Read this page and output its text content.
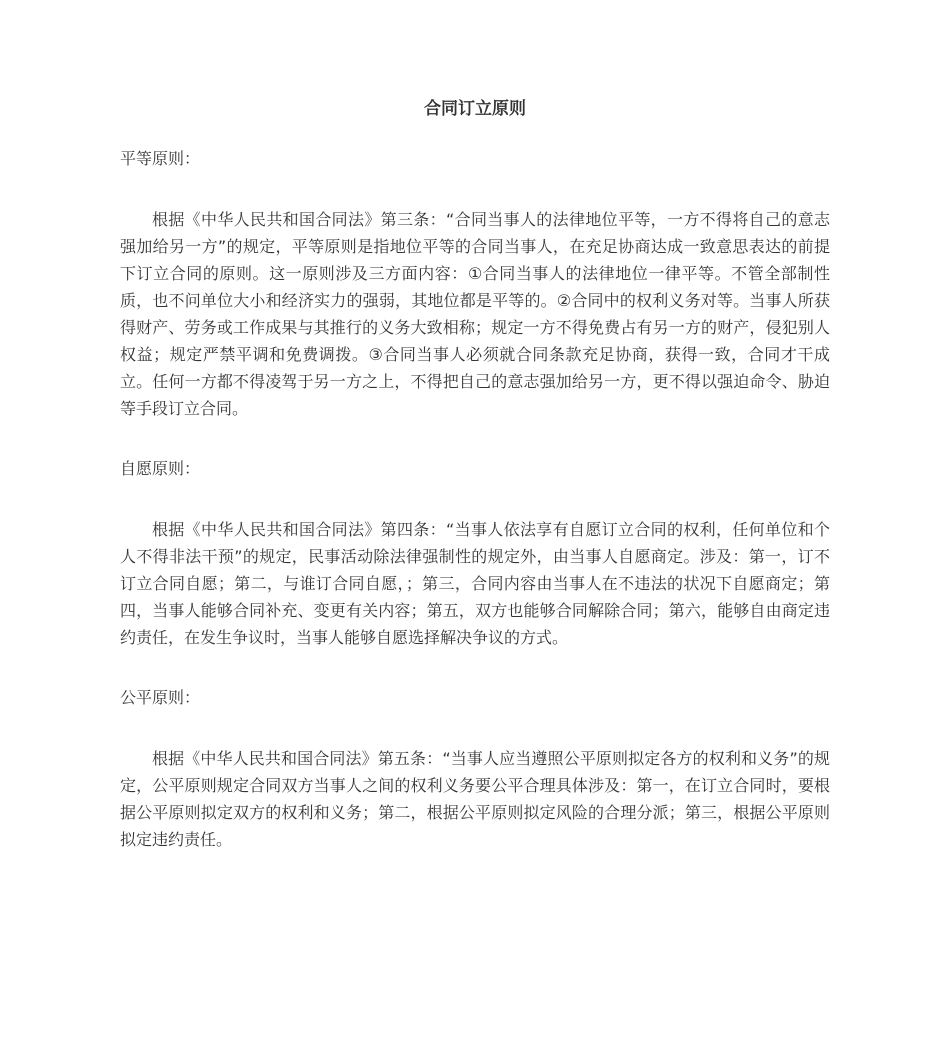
合同订立原则

平等原则：

根据《中华人民共和国合同法》第三条：“合同当事人的法律地位平等，一方不得将自己的意志强加给另一方”的规定，平等原则是指地位平等的合同当事人，在充足协商达成一致意思表达的前提下订立合同的原则。这一原则涉及三方面内容：①合同当事人的法律地位一律平等。不管全部制性质，也不问单位大小和经济实力的强弱，其地位都是平等的。②合同中的权利义务对等。当事人所获得财产、劳务或工作成果与其推行的义务大致相称；规定一方不得免费占有另一方的财产，侵犯别人权益；规定严禁平调和免费调拨。③合同当事人必须就合同条款充足协商，获得一致，合同才干成立。任何一方都不得凌驾于另一方之上，不得把自己的意志强加给另一方，更不得以强迫命令、胁迫等手段订立合同。

自愿原则：

根据《中华人民共和国合同法》第四条：“当事人依法享有自愿订立合同的权利，任何单位和个人不得非法干预”的规定，民事活动除法律强制性的规定外，由当事人自愿商定。涉及：第一，订不订立合同自愿；第二，与谁订合同自愿，；第三，合同内容由当事人在不违法的状况下自愿商定；第四，当事人能够合同补充、变更有关内容；第五，双方也能够合同解除合同；第六，能够自由商定违约责任，在发生争议时，当事人能够自愿选择解决争议的方式。

公平原则：

根据《中华人民共和国合同法》第五条：“当事人应当遵照公平原则拟定各方的权利和义务”的规定，公平原则规定合同双方当事人之间的权利义务要公平合理具体涉及：第一，在订立合同时，要根据公平原则拟定双方的权利和义务；第二，根据公平原则拟定风险的合理分派；第三，根据公平原则拟定违约责任。
